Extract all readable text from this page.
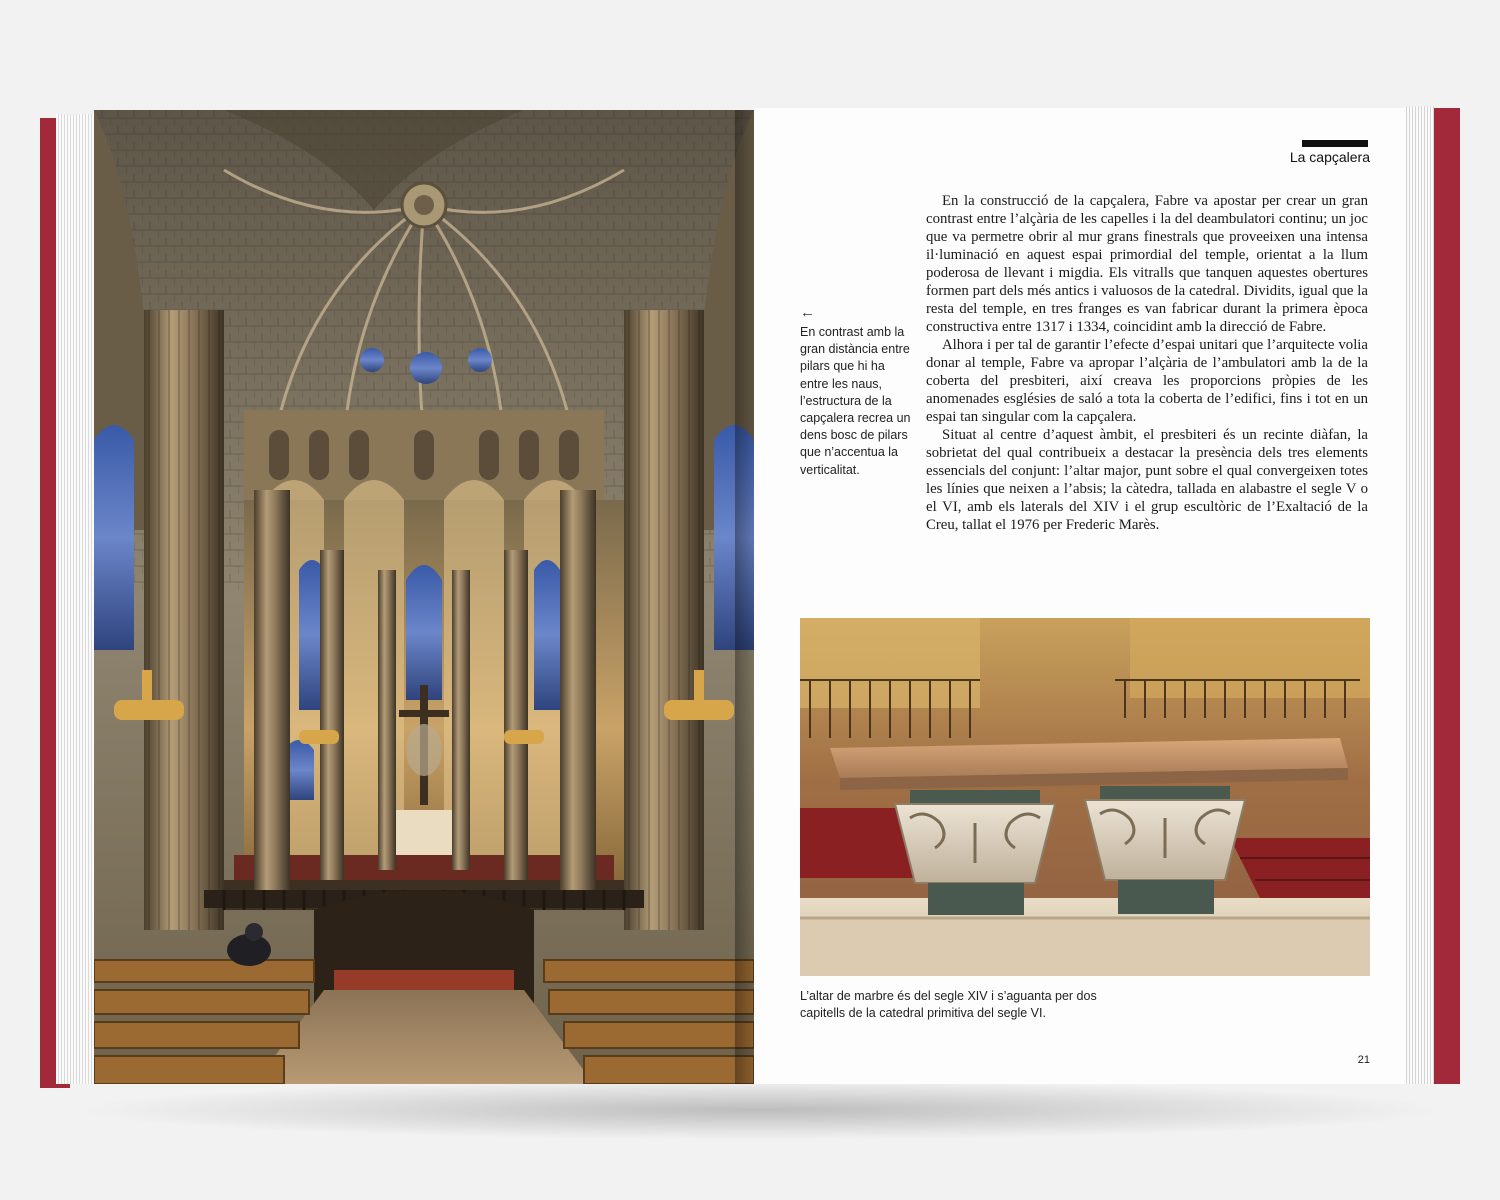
La capçalera
←
En contrast amb la gran distància entre pilars que hi ha entre les naus, l’estructura de la capçalera recrea un dens bosc de pilars que n’accentua la verticalitat.

En la construcció de la capçalera, Fabre va apostar per crear un gran contrast entre l’alçària de les capelles i la del deambulatori continu; un joc que va permetre obrir al mur grans finestrals que proveeixen una intensa il·luminació en aquest espai primordial del temple, orientat a la llum poderosa de llevant i migdia. Els vitralls que tanquen aquestes obertures formen part dels més antics i valuosos de la catedral. Dividits, igual que la resta del temple, en tres franges es van fabricar durant la primera època constructiva entre 1317 i 1334, coincidint amb la direcció de Fabre.

Alhora i per tal de garantir l’efecte d’espai unitari que l’arquitecte volia donar al temple, Fabre va apropar l’alçària de l’ambulatori amb la de la coberta del presbiteri, així creava les proporcions pròpies de les anomenades esglésies de saló a tota la coberta de l’edifici, fins i tot en un espai tan singular com la capçalera.

Situat al centre d’aquest àmbit, el presbiteri és un recinte diàfan, la sobrietat del qual contribueix a destacar la presència dels tres elements essencials del conjunt: l’altar major, punt sobre el qual convergeixen totes les línies que neixen a l’absis; la càtedra, tallada en alabastre el segle V o el VI, amb els laterals del XIV i el grup escultòric de l’Exaltació de la Creu, tallat el 1976 per Frederic Marès.

L’altar de marbre és del segle XIV i s’aguanta per dos capitells de la catedral primitiva del segle VI.
21
